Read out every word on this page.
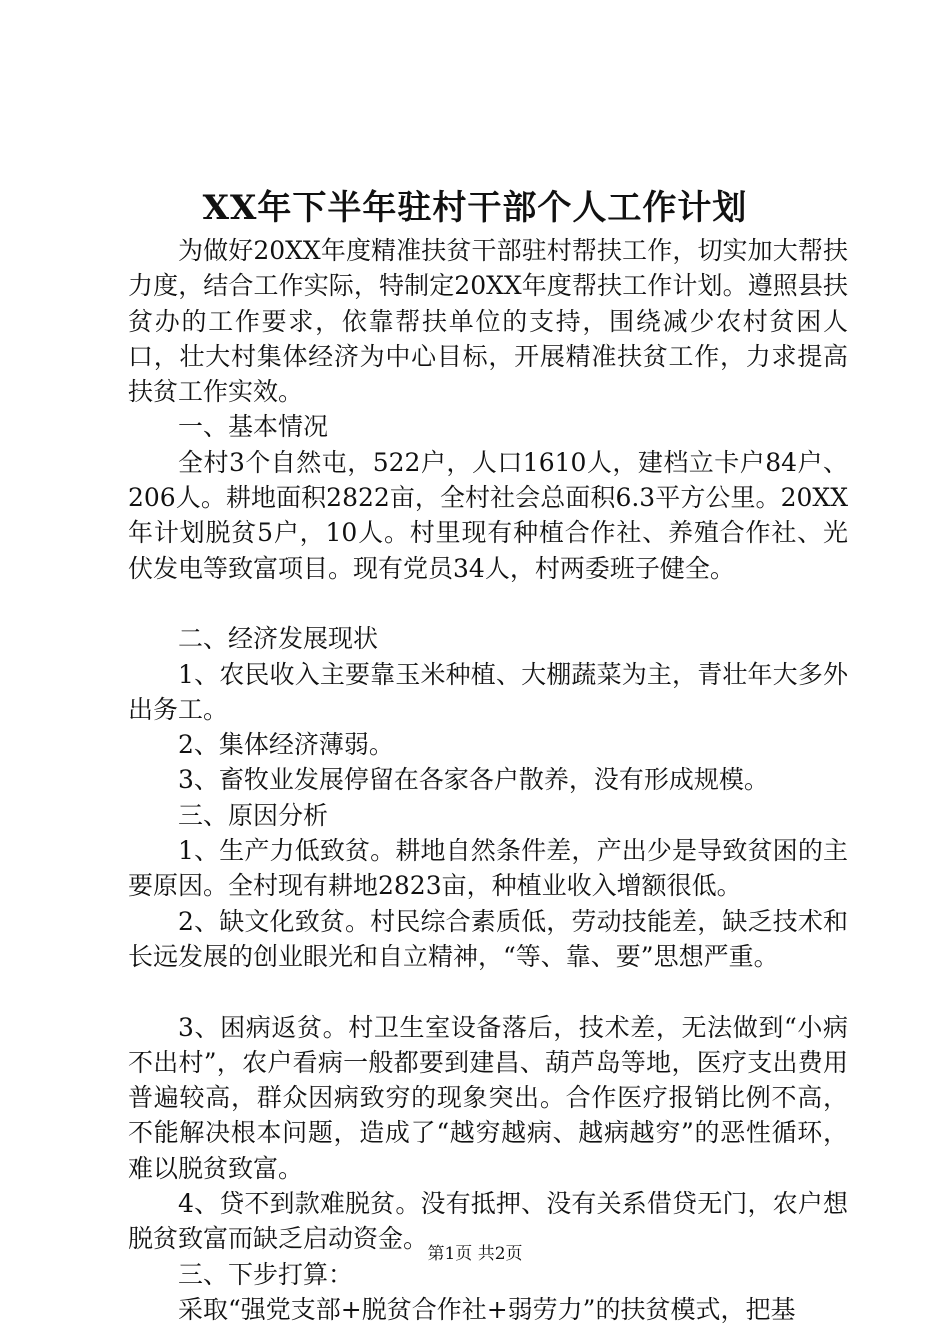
XX年下半年驻村干部个人工作计划

为做好20XX年度精准扶贫干部驻村帮扶工作，切实加大帮扶力度，结合工作实际，特制定20XX年度帮扶工作计划。遵照县扶贫办的工作要求，依靠帮扶单位的支持，围绕减少农村贫困人口，壮大村集体经济为中心目标，开展精准扶贫工作，力求提高扶贫工作实效。

一、基本情况

全村3个自然屯，522户，人口1610人，建档立卡户84户、206人。耕地面积2822亩，全村社会总面积6.3平方公里。20XX年计划脱贫5户，10人。村里现有种植合作社、养殖合作社、光伏发电等致富项目。现有党员34人，村两委班子健全。

二、经济发展现状

1、农民收入主要靠玉米种植、大棚蔬菜为主，青壮年大多外出务工。

2、集体经济薄弱。

3、畜牧业发展停留在各家各户散养，没有形成规模。

三、原因分析

1、生产力低致贫。耕地自然条件差，产出少是导致贫困的主要原因。全村现有耕地2823亩，种植业收入增额很低。

2、缺文化致贫。村民综合素质低，劳动技能差，缺乏技术和长远发展的创业眼光和自立精神，“等、靠、要”思想严重。

3、困病返贫。村卫生室设备落后，技术差，无法做到“小病不出村”，农户看病一般都要到建昌、葫芦岛等地，医疗支出费用普遍较高，群众因病致穷的现象突出。合作医疗报销比例不高，不能解决根本问题，造成了“越穷越病、越病越穷”的恶性循环，难以脱贫致富。

4、贷不到款难脱贫。没有抵押、没有关系借贷无门，农户想脱贫致富而缺乏启动资金。

三、下步打算：

采取“强党支部+脱贫合作社+弱劳力”的扶贫模式，把基

第1页 共2页
